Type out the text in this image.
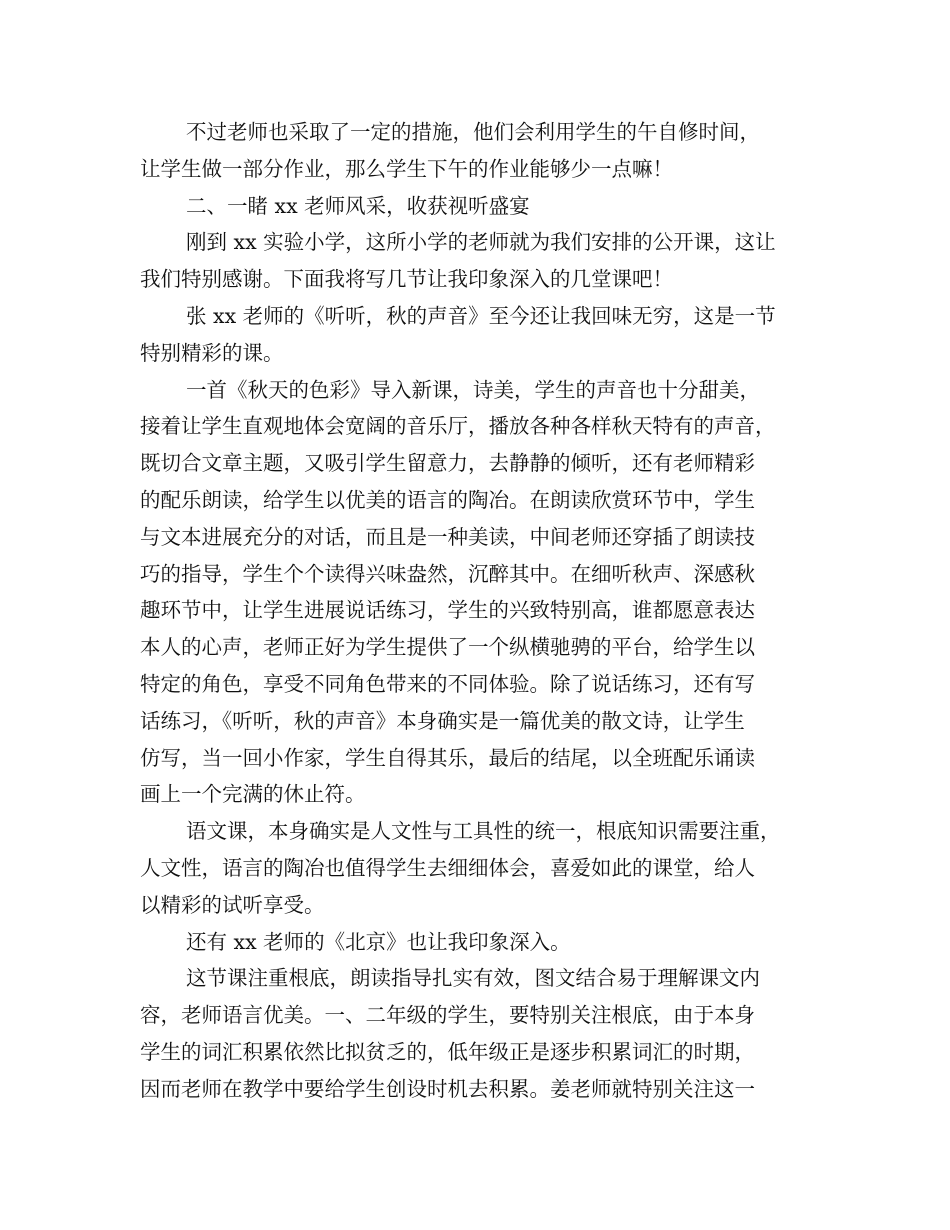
不过老师也采取了一定的措施，他们会利用学生的午自修时间，
让学生做一部分作业，那么学生下午的作业能够少一点嘛！
二、一睹 xx 老师风采，收获视听盛宴
刚到 xx 实验小学，这所小学的老师就为我们安排的公开课，这让
我们特别感谢。下面我将写几节让我印象深入的几堂课吧！
张 xx 老师的《听听，秋的声音》至今还让我回味无穷，这是一节
特别精彩的课。
一首《秋天的色彩》导入新课，诗美，学生的声音也十分甜美，
接着让学生直观地体会宽阔的音乐厅，播放各种各样秋天特有的声音，
既切合文章主题，又吸引学生留意力，去静静的倾听，还有老师精彩
的配乐朗读，给学生以优美的语言的陶冶。在朗读欣赏环节中，学生
与文本进展充分的对话，而且是一种美读，中间老师还穿插了朗读技
巧的指导，学生个个读得兴味盎然，沉醉其中。在细听秋声、深感秋
趣环节中，让学生进展说话练习，学生的兴致特别高，谁都愿意表达
本人的心声，老师正好为学生提供了一个纵横驰骋的平台，给学生以
特定的角色，享受不同角色带来的不同体验。除了说话练习，还有写
话练习，《听听，秋的声音》本身确实是一篇优美的散文诗，让学生
仿写，当一回小作家，学生自得其乐，最后的结尾，以全班配乐诵读
画上一个完满的休止符。
语文课，本身确实是人文性与工具性的统一，根底知识需要注重，
人文性，语言的陶冶也值得学生去细细体会，喜爱如此的课堂，给人
以精彩的试听享受。
还有 xx 老师的《北京》也让我印象深入。
这节课注重根底，朗读指导扎实有效，图文结合易于理解课文内
容，老师语言优美。一、二年级的学生，要特别关注根底，由于本身
学生的词汇积累依然比拟贫乏的，低年级正是逐步积累词汇的时期，
因而老师在教学中要给学生创设时机去积累。姜老师就特别关注这一
